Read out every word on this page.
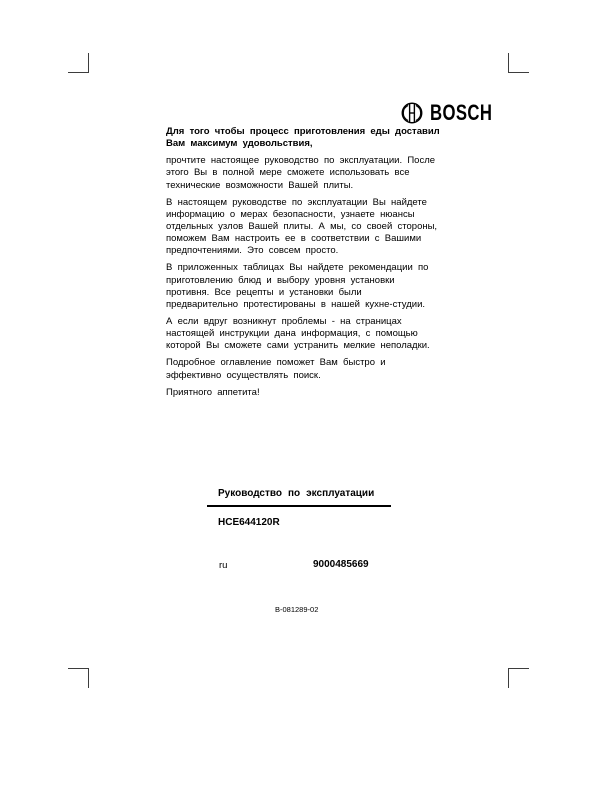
BOSCH
Для того чтобы процесс приготовления еды доставил
Вам максимум удовольствия,
прочтите настоящее руководство по эксплуатации. После
этого Вы в полной мере сможете использовать все
технические возможности Вашей плиты.
В настоящем руководстве по эксплуатации Вы найдете
информацию о мерах безопасности, узнаете нюансы
отдельных узлов Вашей плиты. А мы, со своей стороны,
поможем Вам настроить ее в соответствии с Вашими
предпочтениями. Это совсем просто.
В приложенных таблицах Вы найдете рекомендации по
приготовлению блюд и выбору уровня установки
противня. Все рецепты и установки были
предварительно протестированы в нашей кухне-студии.
А если вдруг возникнут проблемы - на страницах
настоящей инструкции дана информация, с помощью
которой Вы сможете сами устранить мелкие неполадки.
Подробное оглавление поможет Вам быстро и
эффективно осуществлять поиск.
Приятного аппетита!
Руководство по эксплуатации
HCE644120R
ru	9000485669
B-081289-02
